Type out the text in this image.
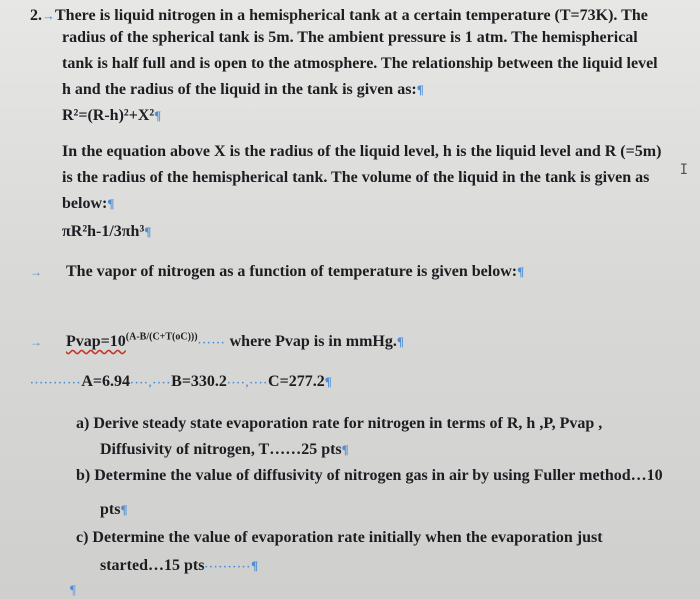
2.→There is liquid nitrogen in a hemispherical tank at a certain temperature (T=73K). The
radius of the spherical tank is 5m. The ambient pressure is 1 atm. The hemispherical
tank is half full and is open to the atmosphere. The relationship between the liquid level
h and the radius of the liquid in the tank is given as:¶
R²=(R-h)²+X²¶
In the equation above X is the radius of the liquid level, h is the liquid level and R (=5m)
is the radius of the hemispherical tank. The volume of the liquid in the tank is given as
below:¶
πR²h-1/3πh³¶
→ The vapor of nitrogen as a function of temperature is given below:¶
→ $Pvap=10^{(A-B/(C+T(oC)))}\cdot\cdot\cdot\cdot\cdot\cdot$ where Pvap is in mmHg.¶
···········A=6.94····,····B=330.2····,····C=277.2¶
a) Derive steady state evaporation rate for nitrogen in terms of R, h ,P, Pvap ,
Diffusivity of nitrogen, T……25 pts¶
b) Determine the value of diffusivity of nitrogen gas in air by using Fuller method…10
pts¶
c) Determine the value of evaporation rate initially when the evaporation just
started…15 pts··········¶
¶
I
